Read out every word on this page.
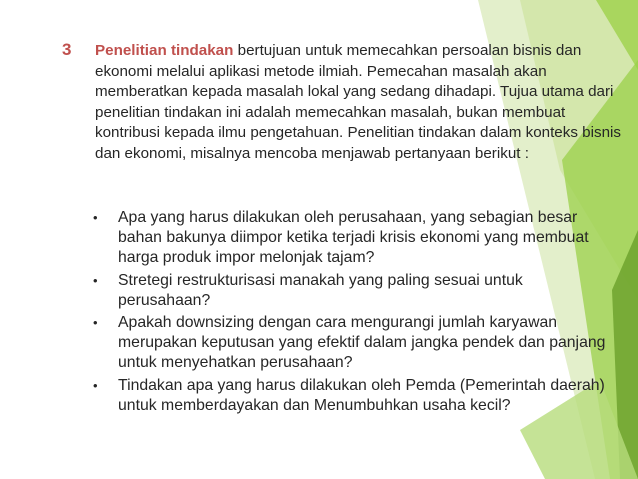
3 Penelitian tindakan bertujuan untuk memecahkan persoalan bisnis dan ekonomi melalui aplikasi metode ilmiah. Pemecahan masalah akan memberatkan kepada masalah lokal yang sedang dihadapi. Tujua utama dari penelitian tindakan ini adalah memecahkan masalah, bukan membuat kontribusi kepada ilmu pengetahuan. Penelitian tindakan dalam konteks bisnis dan ekonomi, misalnya mencoba menjawab pertanyaan berikut :
• Apa yang harus dilakukan oleh perusahaan, yang sebagian besar bahan bakunya diimpor ketika terjadi krisis ekonomi yang membuat harga produk impor melonjak tajam?
• Stretegi restrukturisasi manakah yang paling sesuai untuk perusahaan?
• Apakah downsizing dengan cara mengurangi jumlah karyawan merupakan keputusan yang efektif dalam jangka pendek dan panjang untuk menyehatkan perusahaan?
• Tindakan apa yang harus dilakukan oleh Pemda (Pemerintah daerah) untuk memberdayakan dan Menumbuhkan usaha kecil?
